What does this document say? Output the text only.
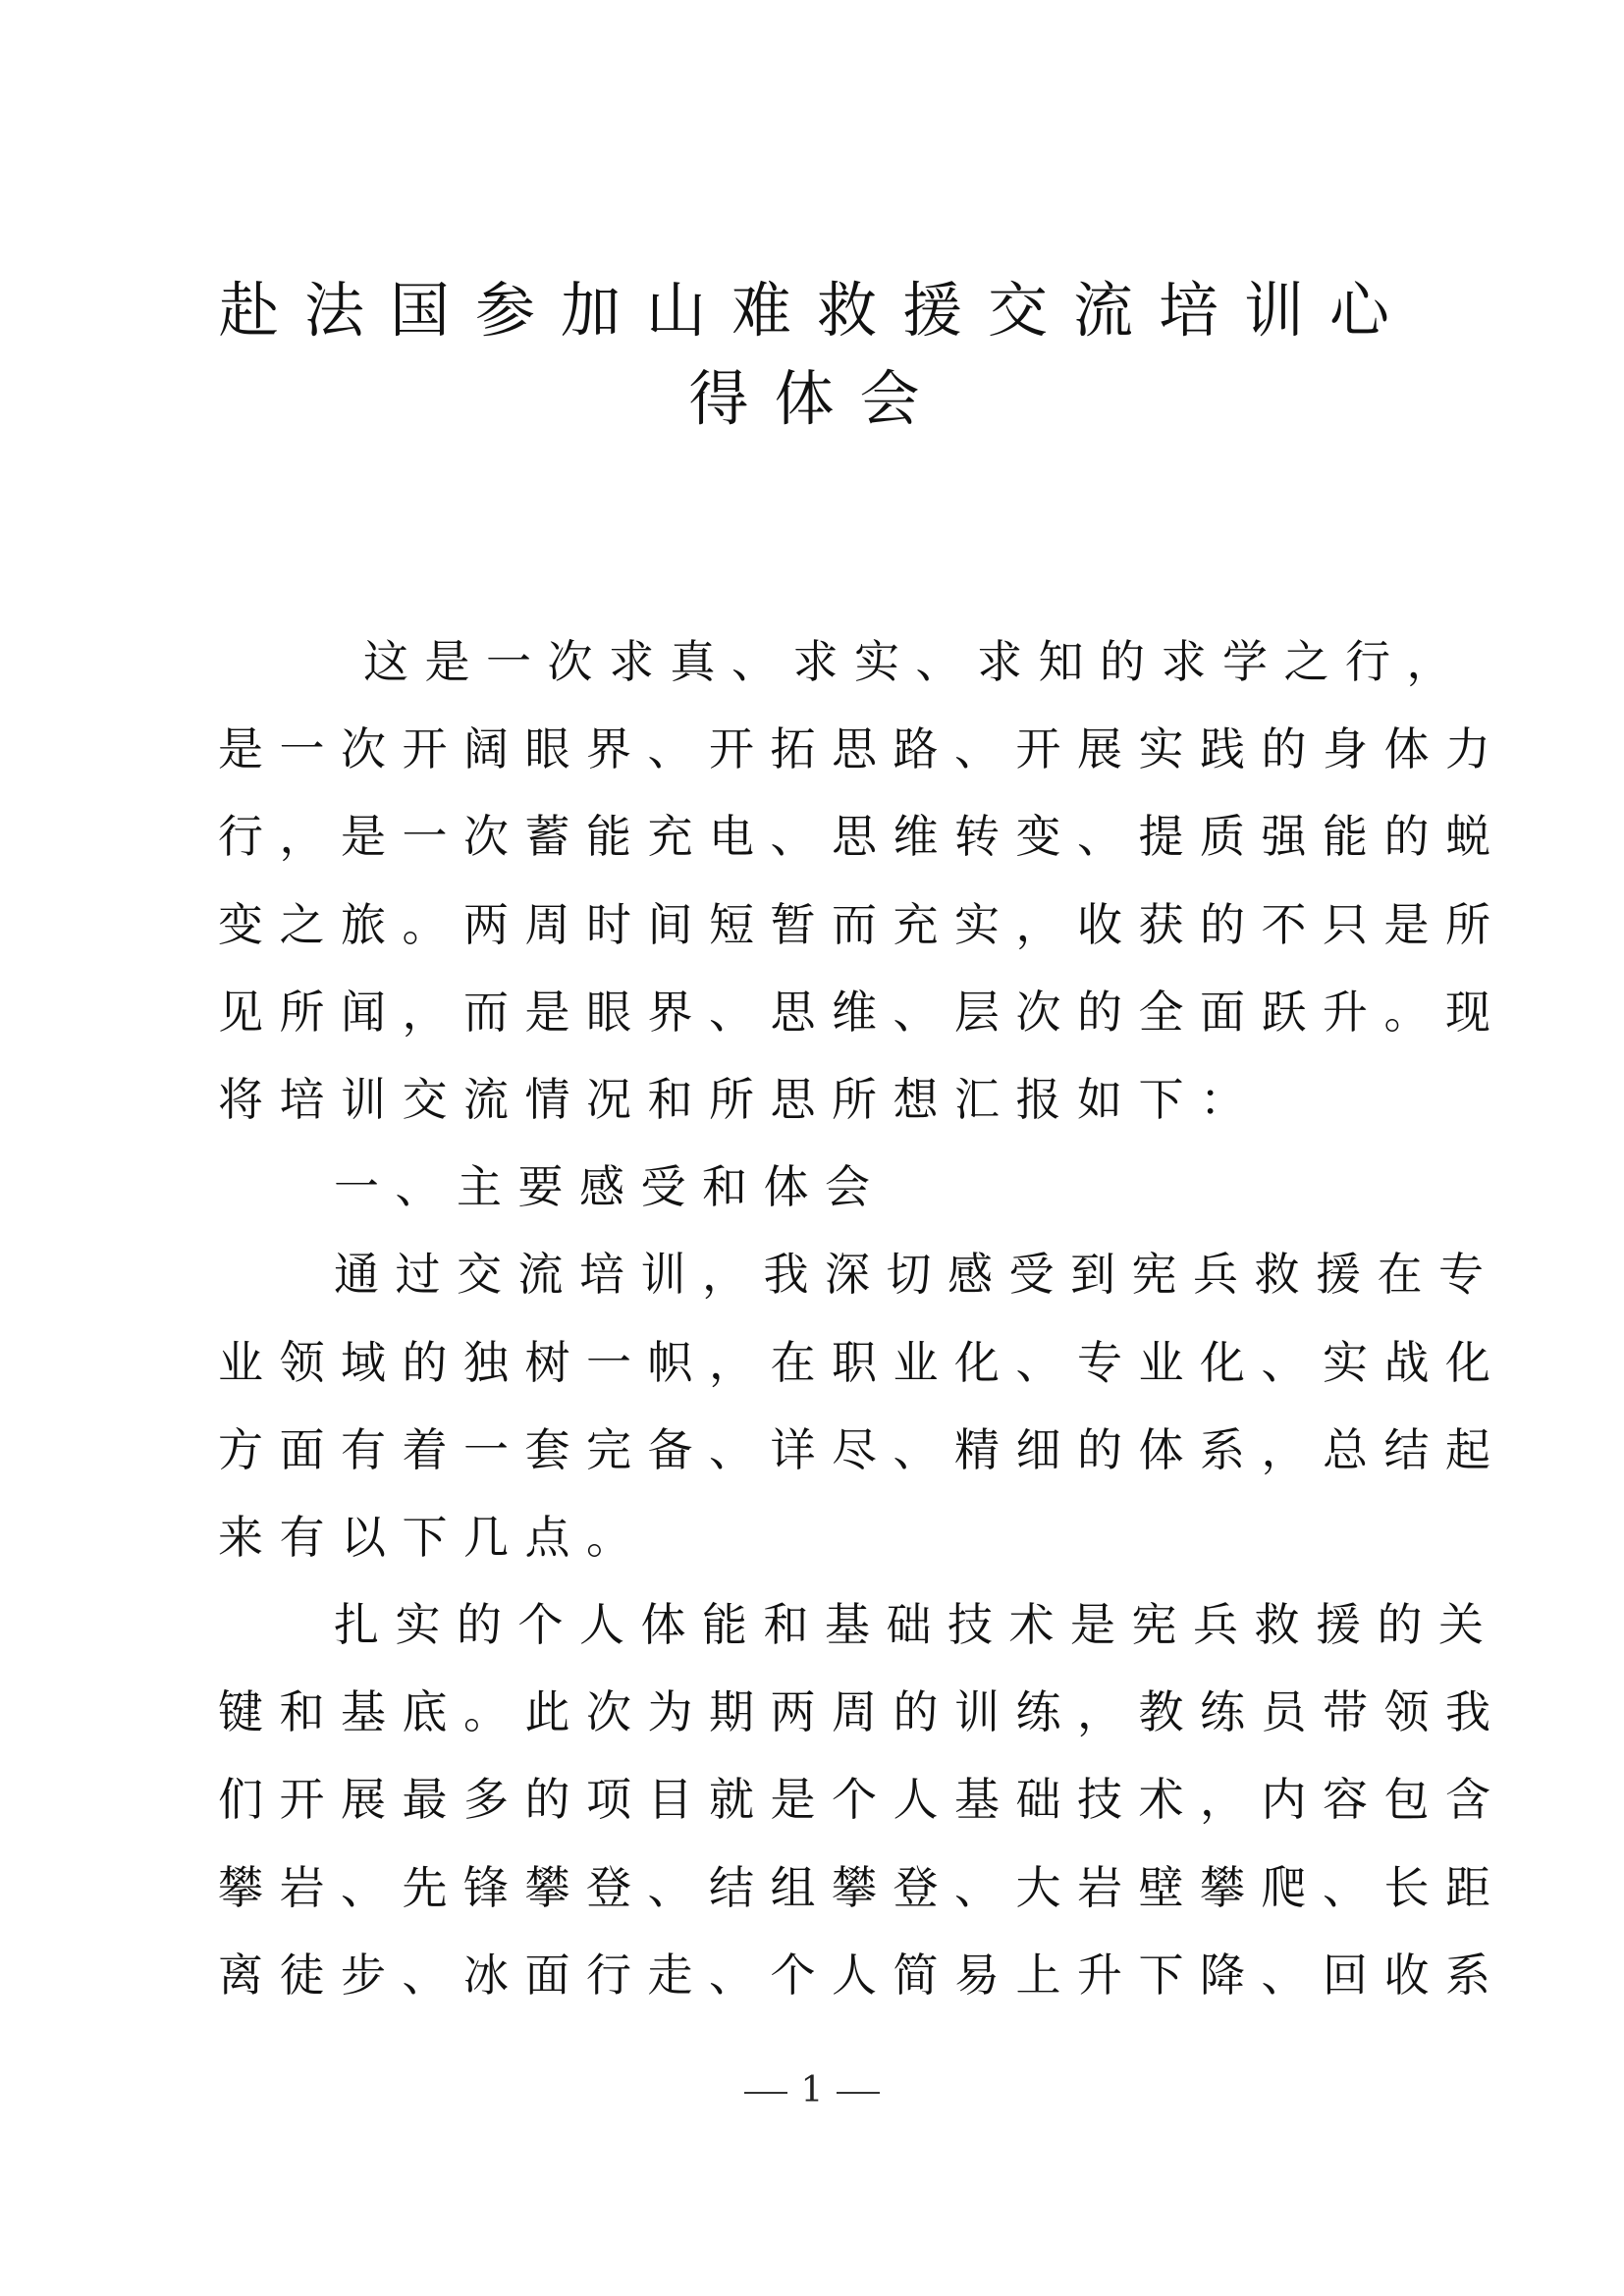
赴法国参加山难救援交流培训心
得体会
这是一次求真、求实、求知的求学之行，
是一次开阔眼界、开拓思路、开展实践的身体力
行，是一次蓄能充电、思维转变、提质强能的蜕
变之旅。两周时间短暂而充实，收获的不只是所
见所闻，而是眼界、思维、层次的全面跃升。现
将培训交流情况和所思所想汇报如下：
一、主要感受和体会
通过交流培训，我深切感受到宪兵救援在专
业领域的独树一帜，在职业化、专业化、实战化
方面有着一套完备、详尽、精细的体系，总结起
来有以下几点。
扎实的个人体能和基础技术是宪兵救援的关
键和基底。此次为期两周的训练，教练员带领我
们开展最多的项目就是个人基础技术，内容包含
攀岩、先锋攀登、结组攀登、大岩壁攀爬、长距
离徒步、冰面行走、个人简易上升下降、回收系
1
